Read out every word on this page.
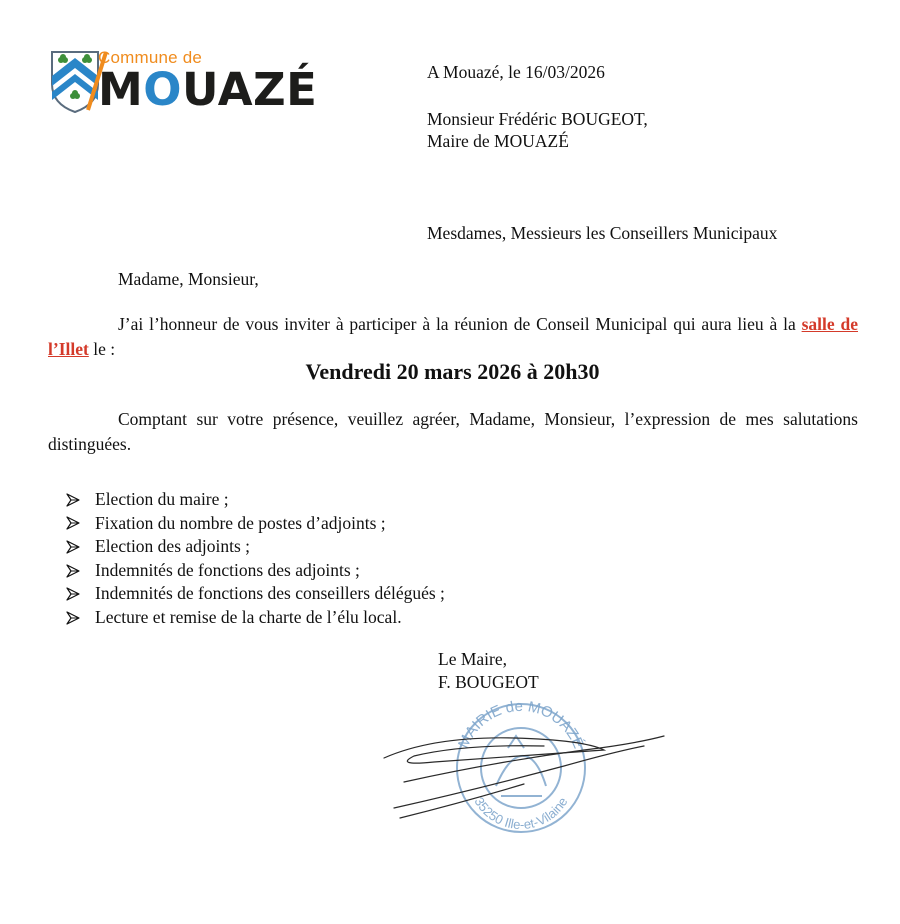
Commune de
MOUAZÉ	A Mouazé, le 16/03/2026
Monsieur Frédéric BOUGEOT,
Maire de MOUAZÉ
Mesdames, Messieurs les Conseillers Municipaux
Madame, Monsieur,
J’ai l’honneur de vous inviter à participer à la réunion de Conseil Municipal qui aura lieu à la salle de l’Illet le :
Vendredi 20 mars 2026 à 20h30
Comptant sur votre présence, veuillez agréer, Madame, Monsieur, l’expression de mes salutations distinguées.
Election du maire ;
Fixation du nombre de postes d’adjoints ;
Election des adjoints ;
Indemnités de fonctions des adjoints ;
Indemnités de fonctions des conseillers délégués ;
Lecture et remise de la charte de l’élu local.
Le Maire,
F. BOUGEOT
MAIRIE de MOUAZÉ
35250 Ille-et-Vilaine
